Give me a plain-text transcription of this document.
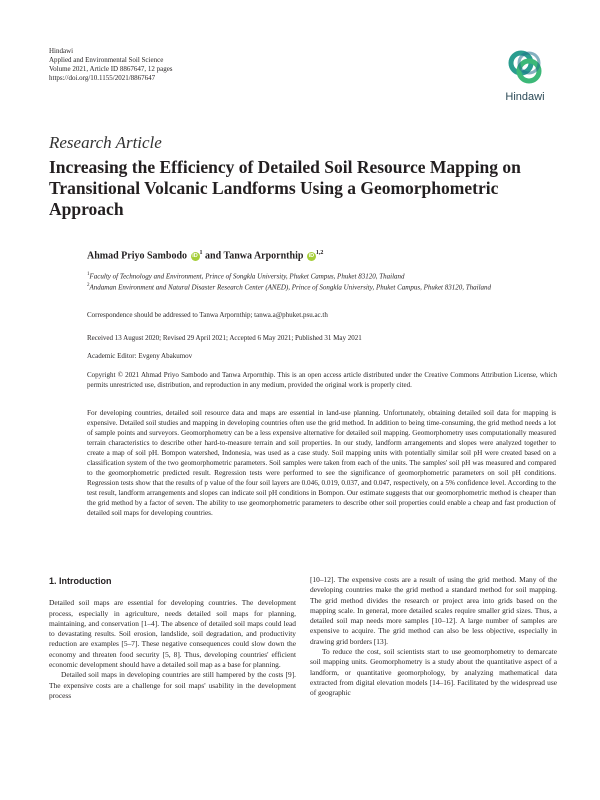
Hindawi
Applied and Environmental Soil Science
Volume 2021, Article ID 8867647, 12 pages
https://doi.org/10.1155/2021/8867647
Hindawi
Research Article
Increasing the Efficiency of Detailed Soil Resource Mapping on Transitional Volcanic Landforms Using a Geomorphometric Approach
Ahmad Priyo Sambodo $iD^1$ and Tanwa Arpornthip iD$^{1,2}$
$^1$Faculty of Technology and Environment, Prince of Songkla University, Phuket Campus, Phuket 83120, Thailand
$^2$Andaman Environment and Natural Disaster Research Center (ANED), Prince of Songkla University, Phuket Campus, Phuket 83120, Thailand
Correspondence should be addressed to Tanwa Arpornthip; tanwa.a@phuket.psu.ac.th
Received 13 August 2020; Revised 29 April 2021; Accepted 6 May 2021; Published 31 May 2021
Academic Editor: Evgeny Abakumov
Copyright © 2021 Ahmad Priyo Sambodo and Tanwa Arpornthip. This is an open access article distributed under the Creative Commons Attribution License, which permits unrestricted use, distribution, and reproduction in any medium, provided the original work is properly cited.
For developing countries, detailed soil resource data and maps are essential in land-use planning. Unfortunately, obtaining detailed soil data for mapping is expensive. Detailed soil studies and mapping in developing countries often use the grid method. In addition to being time-consuming, the grid method needs a lot of sample points and surveyors. Geomorphometry can be a less expensive alternative for detailed soil mapping. Geomorphometry uses computationally measured terrain characteristics to describe other hard-to-measure terrain and soil properties. In our study, landform arrangements and slopes were analyzed together to create a map of soil pH. Bompon watershed, Indonesia, was used as a case study. Soil mapping units with potentially similar soil pH were created based on a classification system of the two geomorphometric parameters. Soil samples were taken from each of the units. The samples' soil pH was measured and compared to the geomorphometric predicted result. Regression tests were performed to see the significance of geomorphometric parameters on soil pH conditions. Regression tests show that the results of p value of the four soil layers are 0.046, 0.019, 0.037, and 0.047, respectively, on a 5% confidence level. According to the test result, landform arrangements and slopes can indicate soil pH conditions in Bompon. Our estimate suggests that our geomorphometric method is cheaper than the grid method by a factor of seven. The ability to use geomorphometric parameters to describe other soil properties could enable a cheap and fast production of detailed soil maps for developing countries.
1. Introduction

Detailed soil maps are essential for developing countries. The development process, especially in agriculture, needs detailed soil maps for planning, maintaining, and conservation [1–4]. The absence of detailed soil maps could lead to devastating results. Soil erosion, landslide, soil degradation, and productivity reduction are examples [5–7]. These negative consequences could slow down the economy and threaten food security [5, 8]. Thus, developing countries' efficient economic development should have a detailed soil map as a base for planning.

Detailed soil maps in developing countries are still hampered by the costs [9]. The expensive costs are a challenge for soil maps' usability in the development process

[10–12]. The expensive costs are a result of using the grid method. Many of the developing countries make the grid method a standard method for soil mapping. The grid method divides the research or project area into grids based on the mapping scale. In general, more detailed scales require smaller grid sizes. Thus, a detailed soil map needs more samples [10–12]. A large number of samples are expensive to acquire. The grid method can also be less objective, especially in drawing grid borders [13].

To reduce the cost, soil scientists start to use geomorphometry to demarcate soil mapping units. Geomorphometry is a study about the quantitative aspect of a landform, or quantitative geomorphology, by analyzing mathematical data extracted from digital elevation models [14–16]. Facilitated by the widespread use of geographic
